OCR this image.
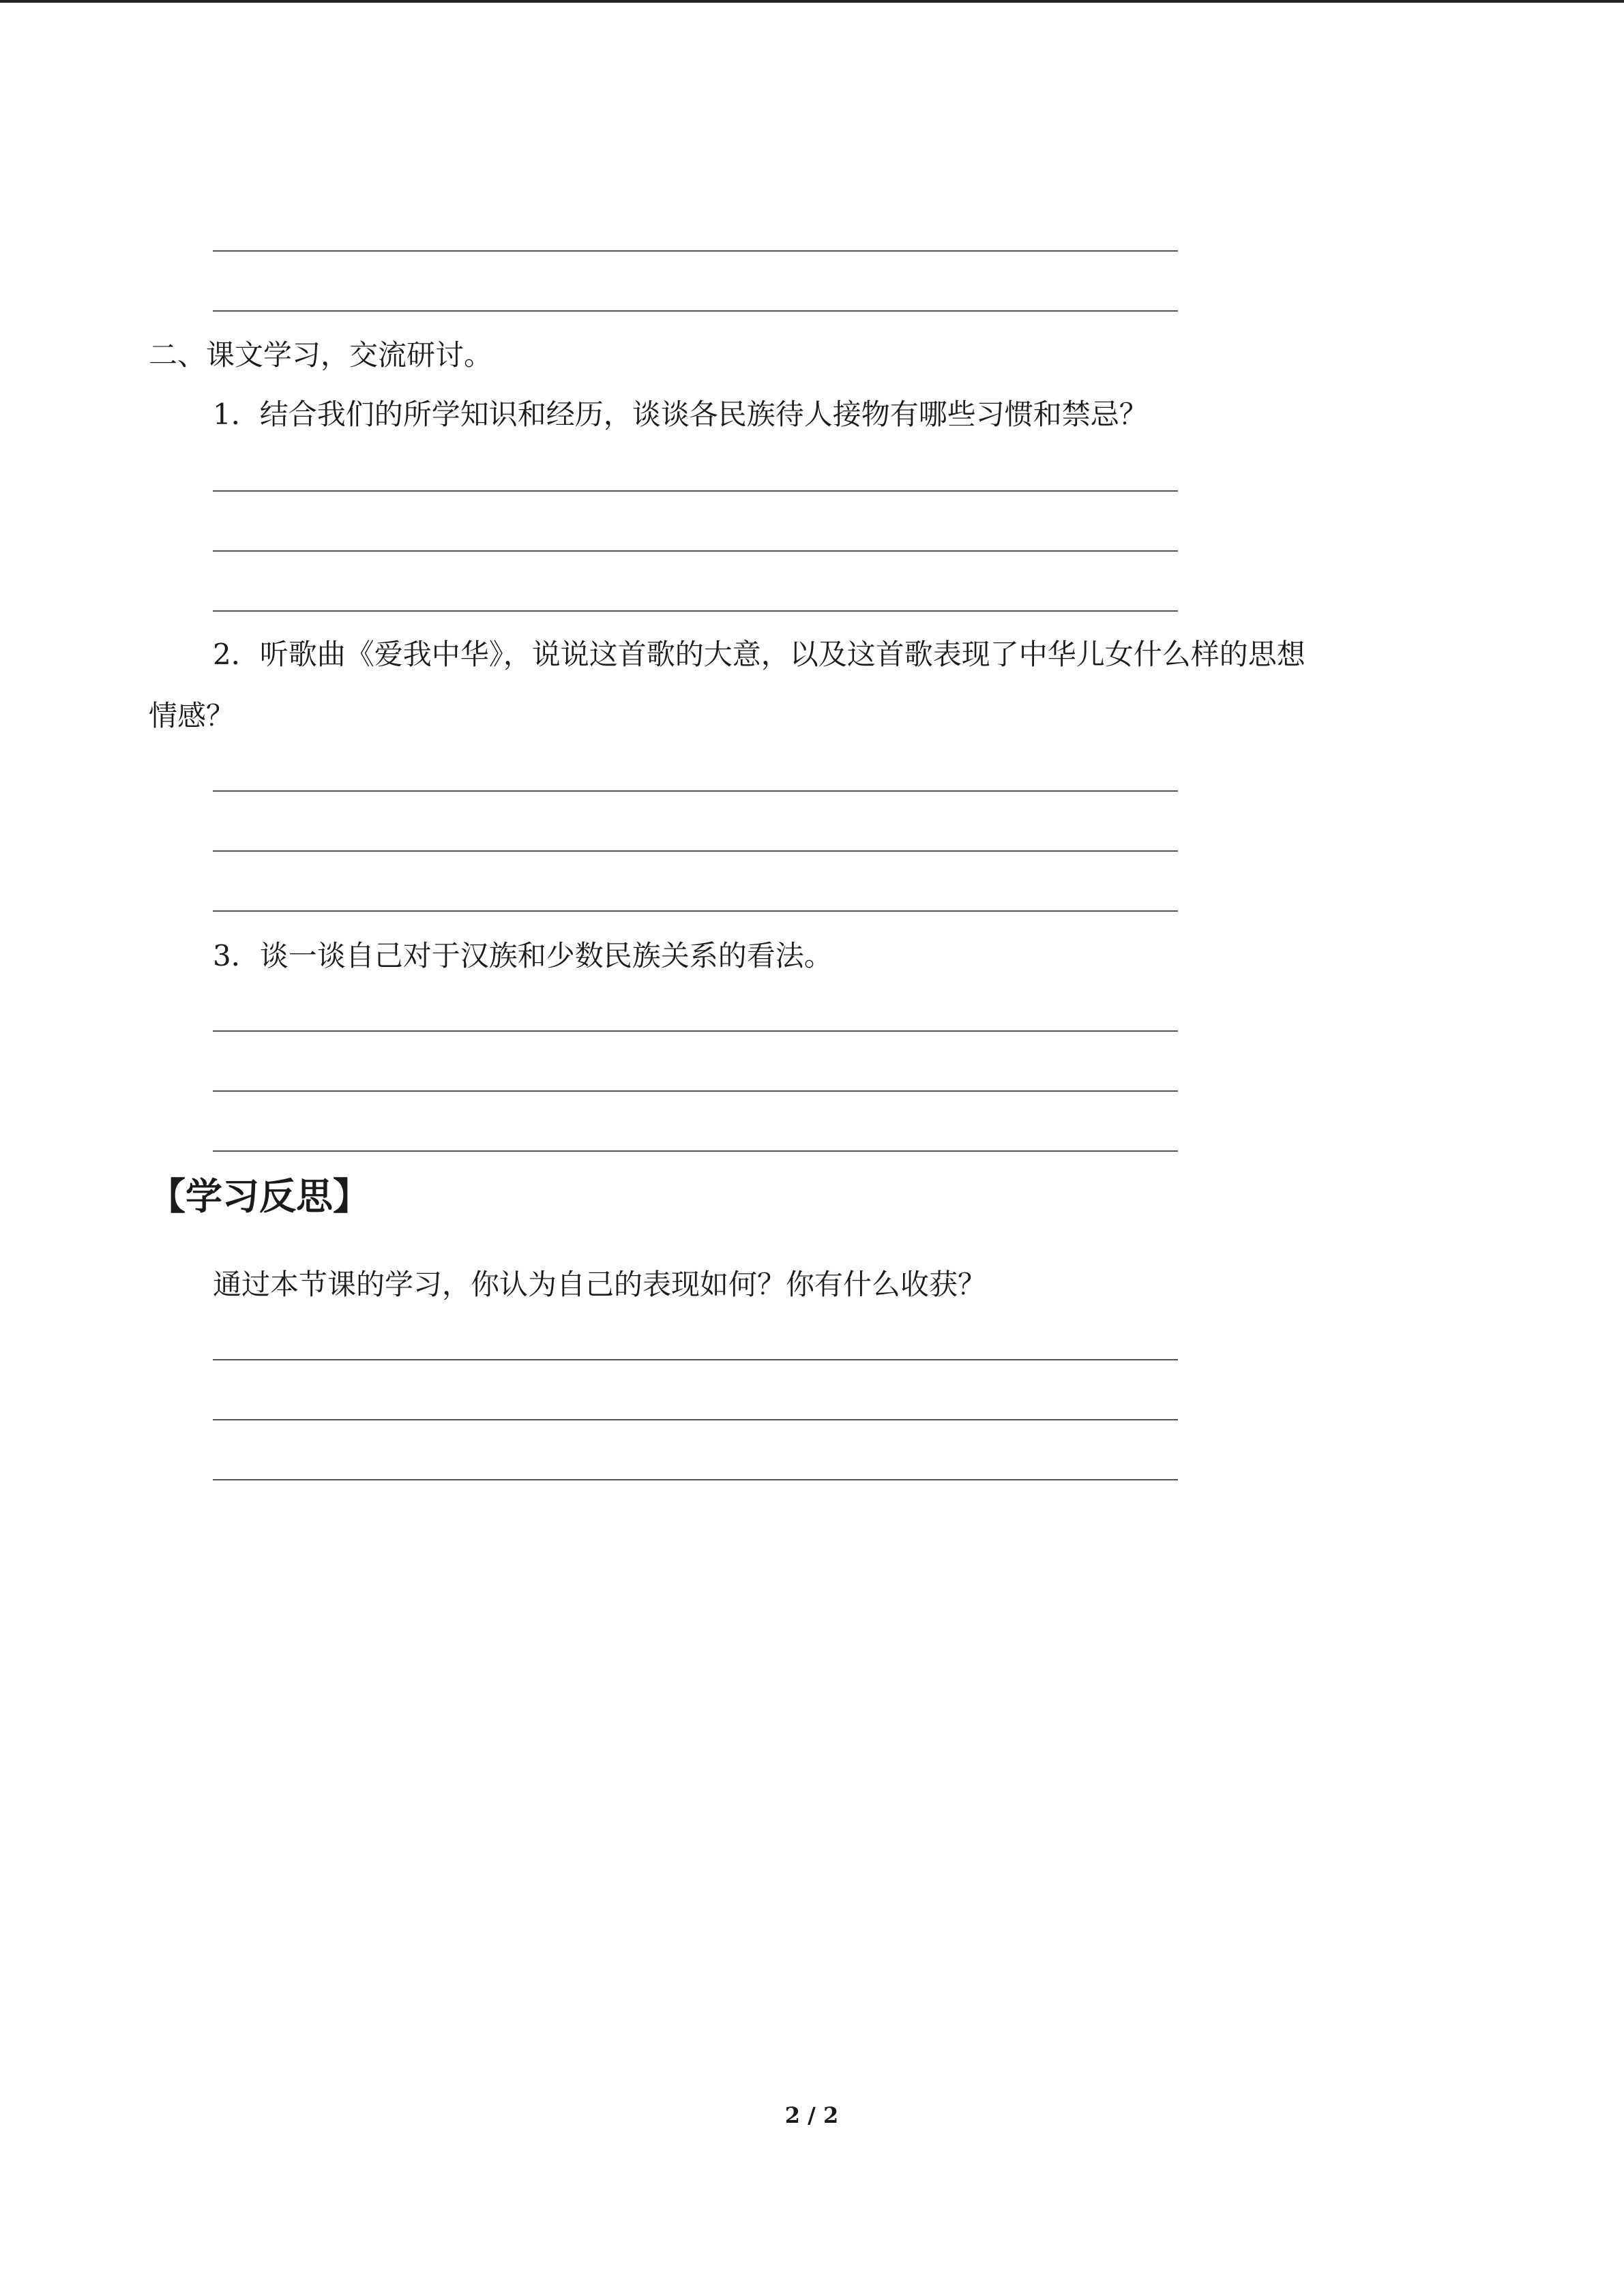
二、课文学习，交流研讨。
1．结合我们的所学知识和经历，谈谈各民族待人接物有哪些习惯和禁忌？
2．听歌曲《爱我中华》，说说这首歌的大意，以及这首歌表现了中华儿女什么样的思想
情感？
3．谈一谈自己对于汉族和少数民族关系的看法。
【学习反思】
通过本节课的学习，你认为自己的表现如何？你有什么收获？
2 / 2
